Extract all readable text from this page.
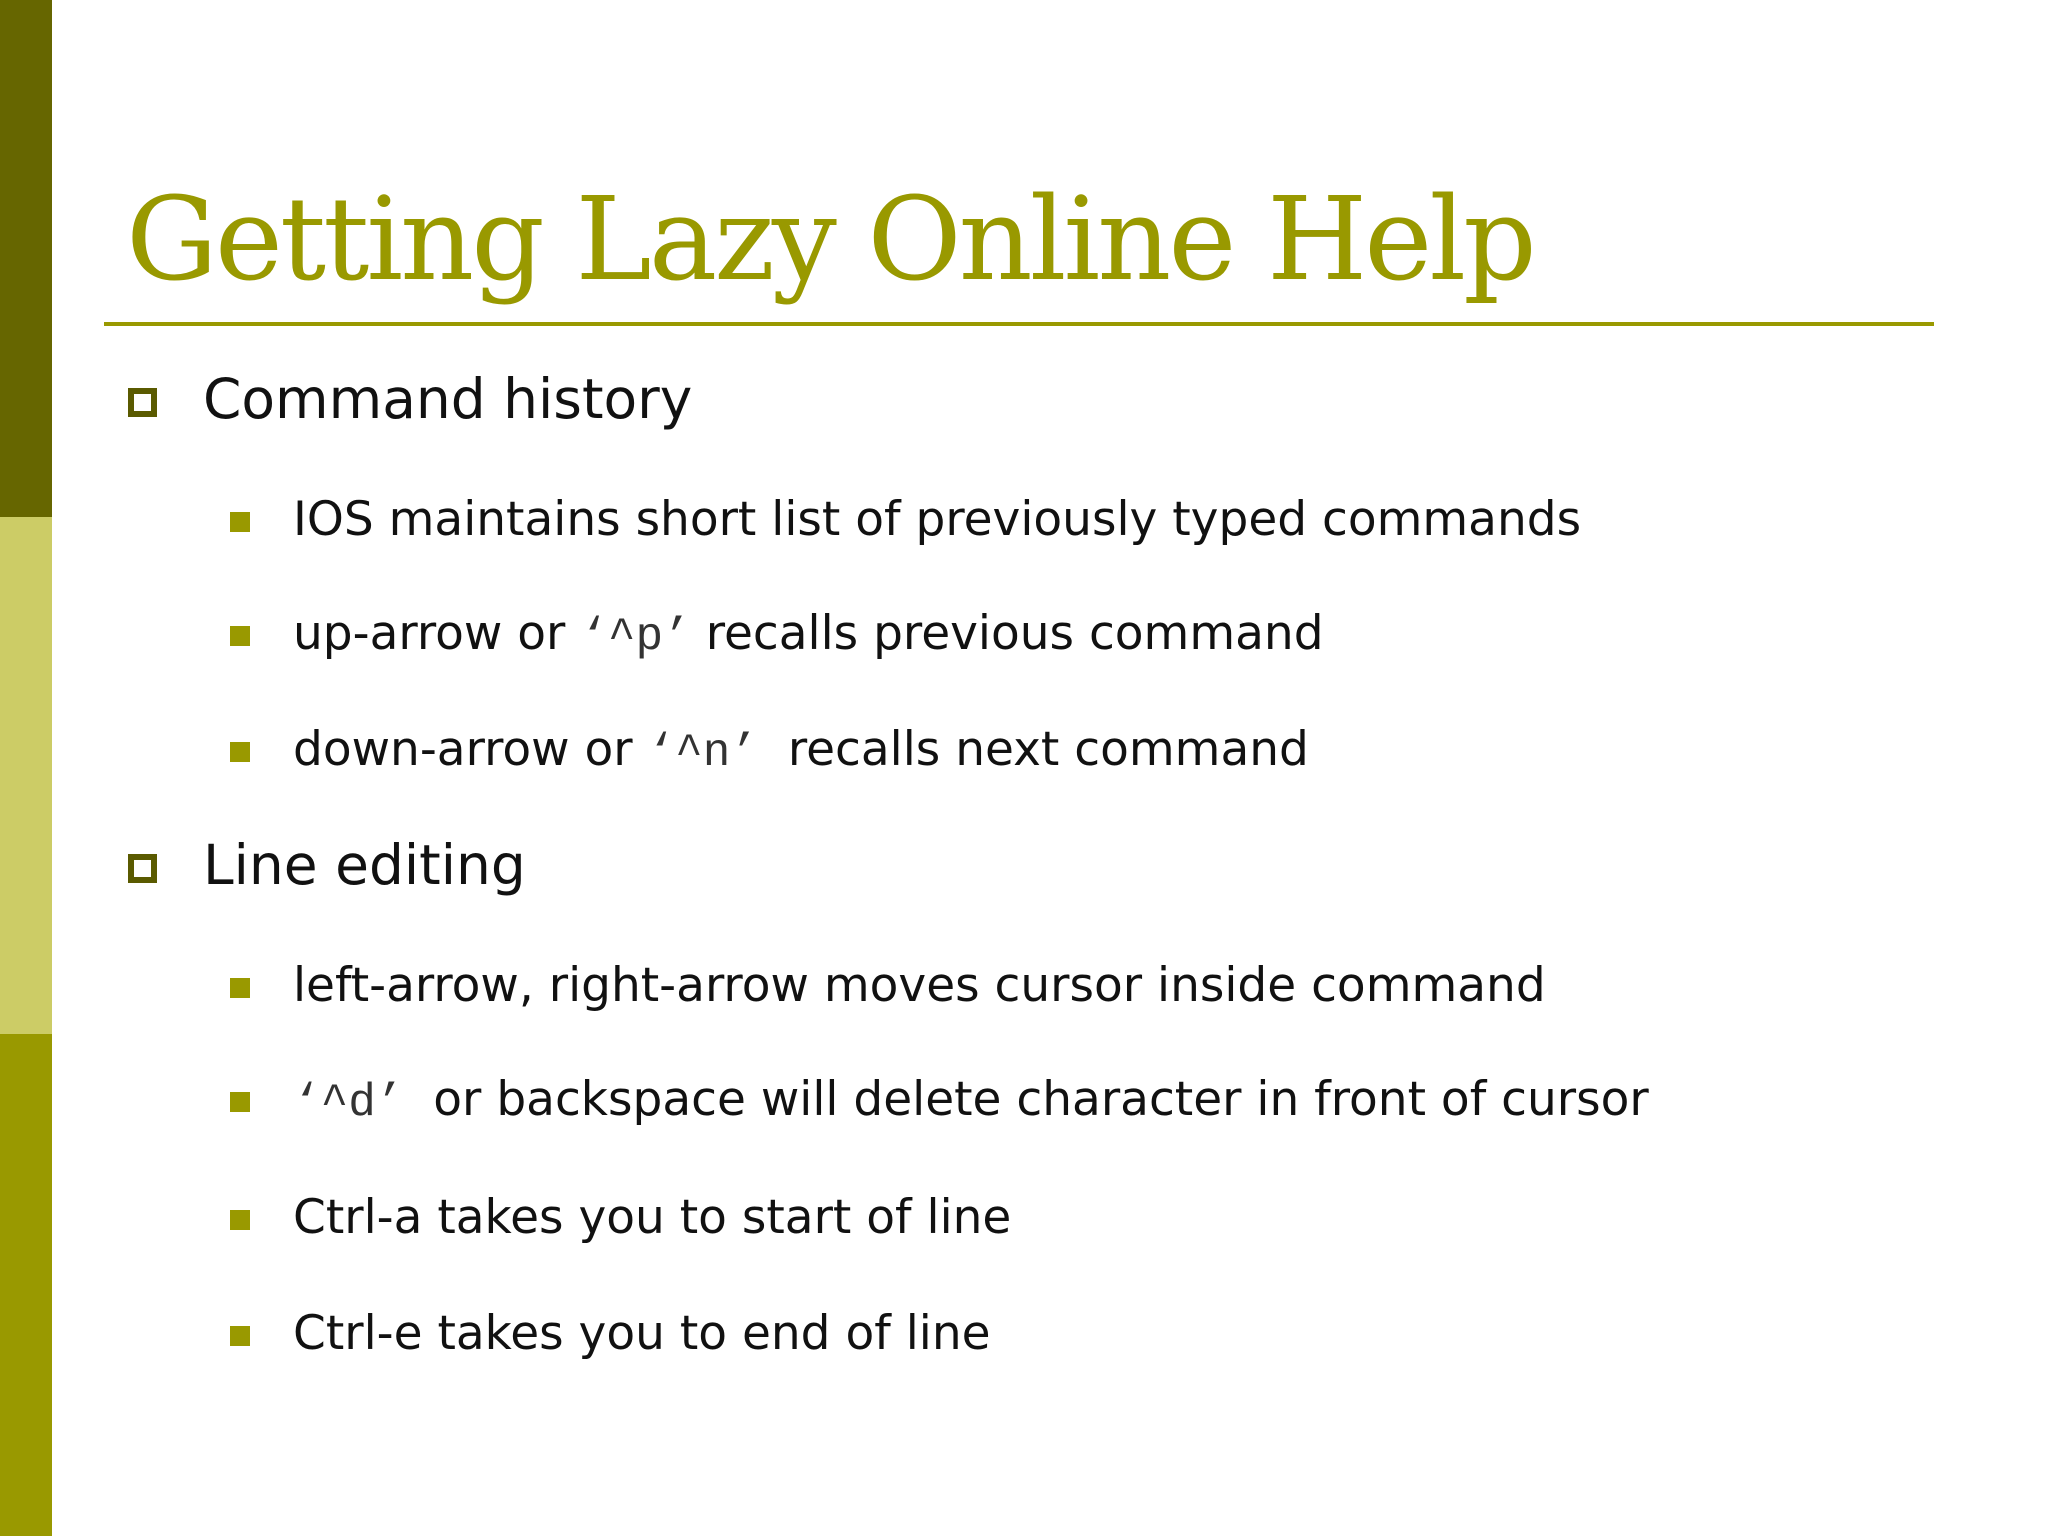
Getting Lazy Online Help
Command history
IOS maintains short list of previously typed commands
up-arrow or ‘^p’ recalls previous command
down-arrow or ‘^n’  recalls next command
Line editing
left-arrow, right-arrow moves cursor inside command
‘^d’  or backspace will delete character in front of cursor
Ctrl-a takes you to start of line
Ctrl-e takes you to end of line
